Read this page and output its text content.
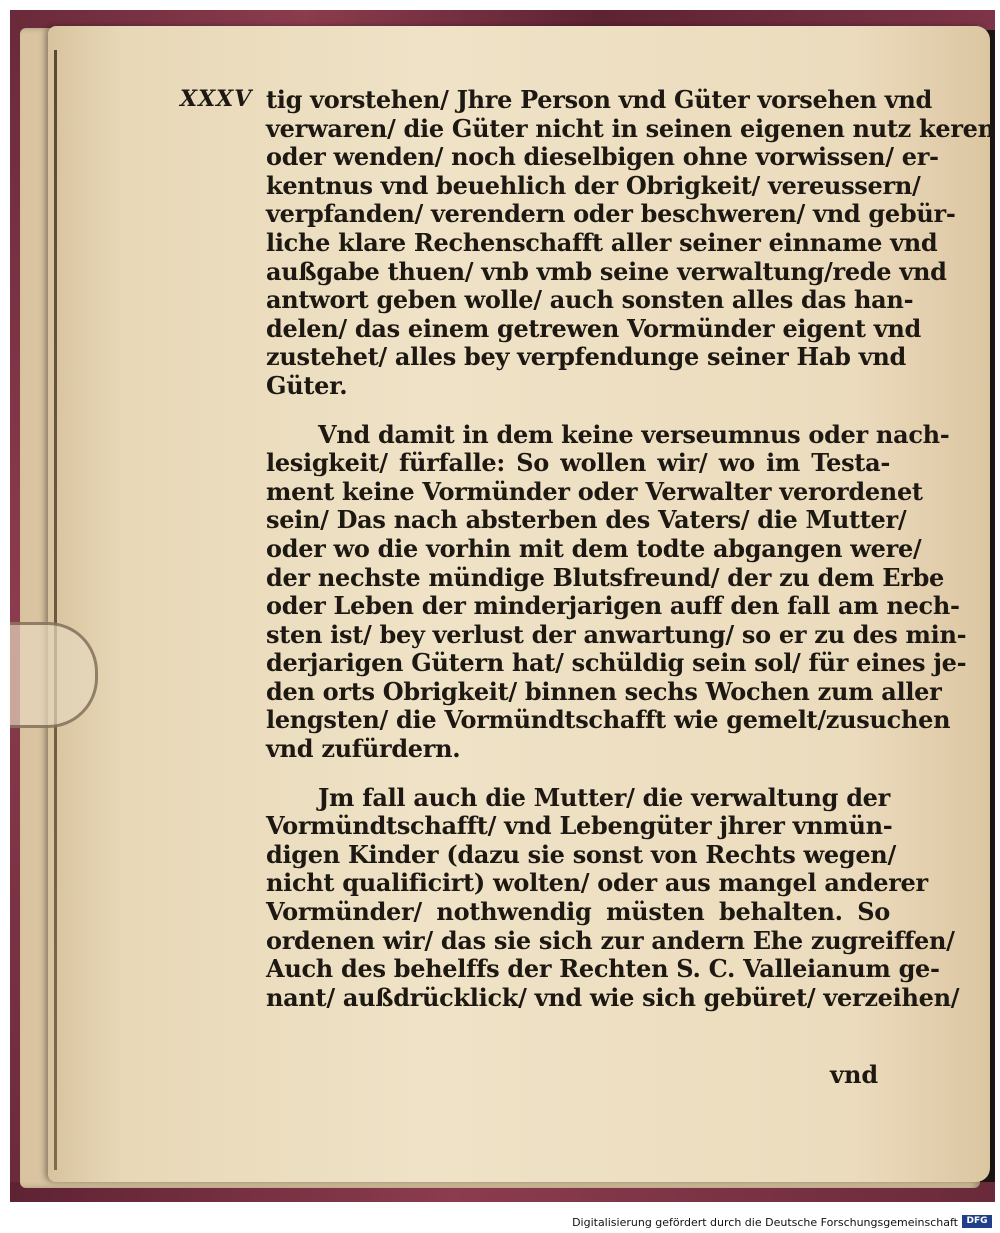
XXXV tig vorstehen/ Jhre Person vnd Güter vorsehen vnd
verwaren/ die Güter nicht in seinen eigenen nutz keren
oder wenden/ noch dieselbigen ohne vorwissen/ er-
kentnus vnd beuehlich der Obrigkeit/ vereussern/
verpfanden/ verendern oder beschweren/ vnd gebür-
liche klare Rechenschafft aller seiner einname vnd
außgabe thuen/ vnb vmb seine verwaltung/rede vnd
antwort geben wolle/ auch sonsten alles das han-
delen/ das einem getrewen Vormünder eigent vnd
zustehet/ alles bey verpfendunge seiner Hab vnd
Güter.

Vnd damit in dem keine verseumnus oder nach-
lesigkeit/ fürfalle: So wollen wir/ wo im Testa-
ment keine Vormünder oder Verwalter verordenet
sein/ Das nach absterben des Vaters/ die Mutter/
oder wo die vorhin mit dem todte abgangen were/
der nechste mündige Blutsfreund/ der zu dem Erbe
oder Leben der minderjarigen auff den fall am nech-
sten ist/ bey verlust der anwartung/ so er zu des min-
derjarigen Gütern hat/ schüldig sein sol/ für eines je-
den orts Obrigkeit/ binnen sechs Wochen zum aller
lengsten/ die Vormündtschafft wie gemelt/zusuchen
vnd zufürdern.

Jm fall auch die Mutter/ die verwaltung der
Vormündtschafft/ vnd Lebengüter jhrer vnmün-
digen Kinder (dazu sie sonst von Rechts wegen/
nicht qualificirt) wolten/ oder aus mangel anderer
Vormünder/ nothwendig müsten behalten. So
ordenen wir/ das sie sich zur andern Ehe zugreiffen/
Auch des behelffs der Rechten S. C. Valleianum ge-
nant/ außdrücklick/ vnd wie sich gebüret/ verzeihen/

vnd
Digitalisierung gefördert durch die Deutsche Forschungsgemeinschaft DFG
